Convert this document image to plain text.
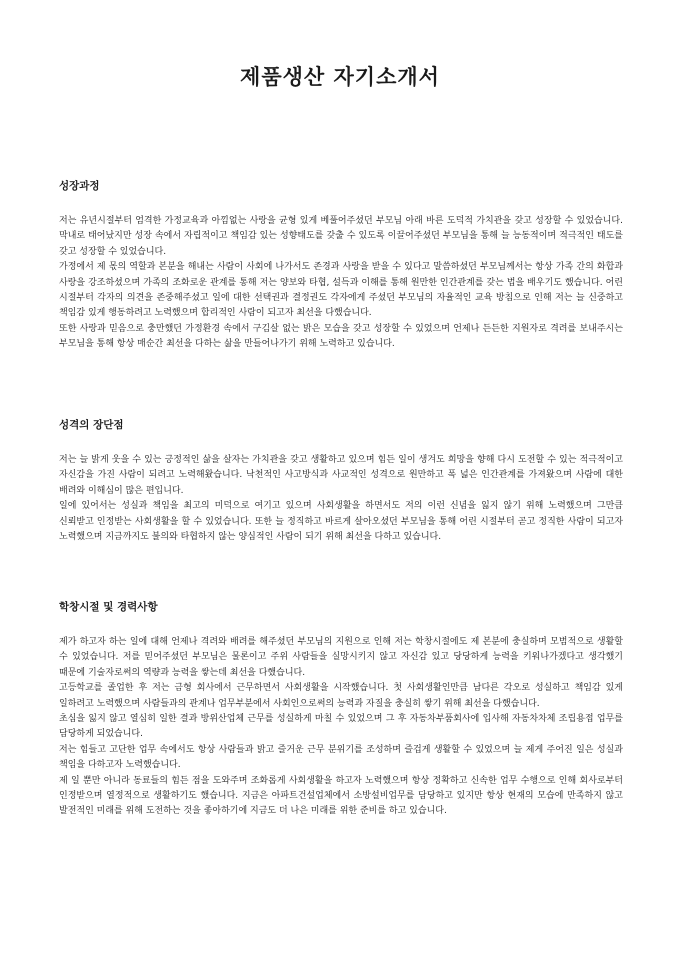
제품생산 자기소개서
성장과정

저는 유년시절부터 엄격한 가정교육과 아낌없는 사랑을 균형 있게 베풀어주셨던 부모님 아래 바른 도덕적 가치관을 갖고 성장할 수 있었습니다. 막내로 태어났지만 성장 속에서 자립적이고 책임감 있는 성향태도를 갖출 수 있도록 이끌어주셨던 부모님을 통해 늘 능동적이며 적극적인 태도를 갖고 성장할 수 있었습니다.

가정에서 제 몫의 역할과 본분을 해내는 사람이 사회에 나가서도 존경과 사랑을 받을 수 있다고 말씀하셨던 부모님께서는 항상 가족 간의 화합과 사랑을 강조하셨으며 가족의 조화로운 관계를 통해 저는 양보와 타협, 설득과 이해를 통해 원만한 인간관계를 갖는 법을 배우기도 했습니다. 어린 시절부터 각자의 의견을 존중해주셨고 일에 대한 선택권과 결정권도 각자에게 주셨던 부모님의 자율적인 교육 방침으로 인해 저는 늘 신중하고 책임감 있게 행동하려고 노력했으며 합리적인 사람이 되고자 최선을 다했습니다.

또한 사랑과 믿음으로 충만했던 가정환경 속에서 구김살 없는 밝은 모습을 갖고 성장할 수 있었으며 언제나 든든한 지원자로 격려를 보내주시는 부모님을 통해 항상 매순간 최선을 다하는 삶을 만들어나가기 위해 노력하고 있습니다.

성격의 장단점

저는 늘 밝게 웃을 수 있는 긍정적인 삶을 살자는 가치관을 갖고 생활하고 있으며 힘든 일이 생겨도 희망을 향해 다시 도전할 수 있는 적극적이고 자신감을 가진 사람이 되려고 노력해왔습니다. 낙천적인 사고방식과 사교적인 성격으로 원만하고 폭 넓은 인간관계를 가져왔으며 사람에 대한 배려와 이해심이 많은 편입니다.

일에 있어서는 성실과 책임을 최고의 미덕으로 여기고 있으며 사회생활을 하면서도 저의 이런 신념을 잃지 않기 위해 노력했으며 그만큼 신뢰받고 인정받는 사회생활을 할 수 있었습니다. 또한 늘 정직하고 바르게 살아오셨던 부모님을 통해 어린 시절부터 곧고 정직한 사람이 되고자 노력했으며 지금까지도 불의와 타협하지 않는 양심적인 사람이 되기 위해 최선을 다하고 있습니다.

학창시절 및 경력사항

제가 하고자 하는 일에 대해 언제나 격려와 배려를 해주셨던 부모님의 지원으로 인해 저는 학창시절에도 제 본분에 충실하며 모범적으로 생활할 수 있었습니다. 저를 믿어주셨던 부모님은 물론이고 주위 사람들을 실망시키지 않고 자신감 있고 당당하게 능력을 키워나가겠다고 생각했기 때문에 기술자로써의 역량과 능력을 쌓는데 최선을 다했습니다.

고등학교를 졸업한 후 저는 금형 회사에서 근무하면서 사회생활을 시작했습니다. 첫 사회생활인만큼 남다른 각오로 성실하고 책임감 있게 일하려고 노력했으며 사람들과의 관계나 업무부분에서 사회인으로써의 능력과 자질을 충실히 쌓기 위해 최선을 다했습니다.

초심을 잃지 않고 열심히 일한 결과 방위산업체 근무를 성실하게 마칠 수 있었으며 그 후 자동차부품회사에 입사해 자동차차체 조립용접 업무를 담당하게 되었습니다.

저는 힘들고 고단한 업무 속에서도 항상 사람들과 밝고 즐거운 근무 분위기를 조성하며 즐겁게 생활할 수 있었으며 늘 제게 주어진 일은 성실과 책임을 다하고자 노력했습니다.

제 일 뿐만 아니라 동료들의 힘든 점을 도와주며 조화롭게 사회생활을 하고자 노력했으며 항상 정확하고 신속한 업무 수행으로 인해 회사로부터 인정받으며 열정적으로 생활하기도 했습니다. 지금은 아파트건설업체에서 소방설비업무를 담당하고 있지만 항상 현재의 모습에 만족하지 않고 발전적인 미래를 위해 도전하는 것을 좋아하기에 지금도 더 나은 미래를 위한 준비를 하고 있습니다.
